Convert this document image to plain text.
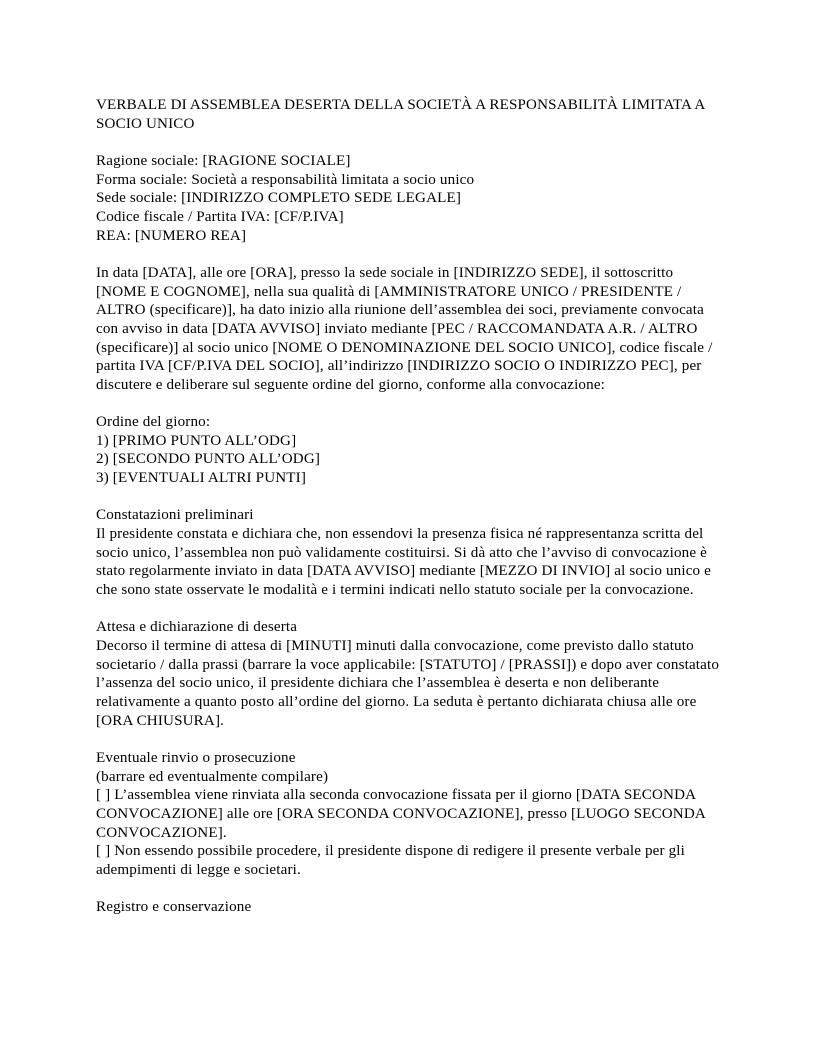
VERBALE DI ASSEMBLEA DESERTA DELLA SOCIETÀ A RESPONSABILITÀ LIMITATA A SOCIO UNICO
Ragione sociale: [RAGIONE SOCIALE]
Forma sociale: Società a responsabilità limitata a socio unico
Sede sociale: [INDIRIZZO COMPLETO SEDE LEGALE]
Codice fiscale / Partita IVA: [CF/P.IVA]
REA: [NUMERO REA]
In data [DATA], alle ore [ORA], presso la sede sociale in [INDIRIZZO SEDE], il sottoscritto [NOME E COGNOME], nella sua qualità di [AMMINISTRATORE UNICO / PRESIDENTE / ALTRO (specificare)], ha dato inizio alla riunione dell’assemblea dei soci, previamente convocata con avviso in data [DATA AVVISO] inviato mediante [PEC / RACCOMANDATA A.R. / ALTRO (specificare)] al socio unico [NOME O DENOMINAZIONE DEL SOCIO UNICO], codice fiscale / partita IVA [CF/P.IVA DEL SOCIO], all’indirizzo [INDIRIZZO SOCIO O INDIRIZZO PEC], per discutere e deliberare sul seguente ordine del giorno, conforme alla convocazione:
Ordine del giorno:
1) [PRIMO PUNTO ALL’ODG]
2) [SECONDO PUNTO ALL’ODG]
3) [EVENTUALI ALTRI PUNTI]
Constatazioni preliminari
Il presidente constata e dichiara che, non essendovi la presenza fisica né rappresentanza scritta del socio unico, l’assemblea non può validamente costituirsi. Si dà atto che l’avviso di convocazione è stato regolarmente inviato in data [DATA AVVISO] mediante [MEZZO DI INVIO] al socio unico e che sono state osservate le modalità e i termini indicati nello statuto sociale per la convocazione.
Attesa e dichiarazione di deserta
Decorso il termine di attesa di [MINUTI] minuti dalla convocazione, come previsto dallo statuto societario / dalla prassi (barrare la voce applicabile: [STATUTO] / [PRASSI]) e dopo aver constatato l’assenza del socio unico, il presidente dichiara che l’assemblea è deserta e non deliberante relativamente a quanto posto all’ordine del giorno. La seduta è pertanto dichiarata chiusa alle ore [ORA CHIUSURA].
Eventuale rinvio o prosecuzione
(barrare ed eventualmente compilare)
[ ] L’assemblea viene rinviata alla seconda convocazione fissata per il giorno [DATA SECONDA CONVOCAZIONE] alle ore [ORA SECONDA CONVOCAZIONE], presso [LUOGO SECONDA CONVOCAZIONE].
[ ] Non essendo possibile procedere, il presidente dispone di redigere il presente verbale per gli adempimenti di legge e societari.
Registro e conservazione
